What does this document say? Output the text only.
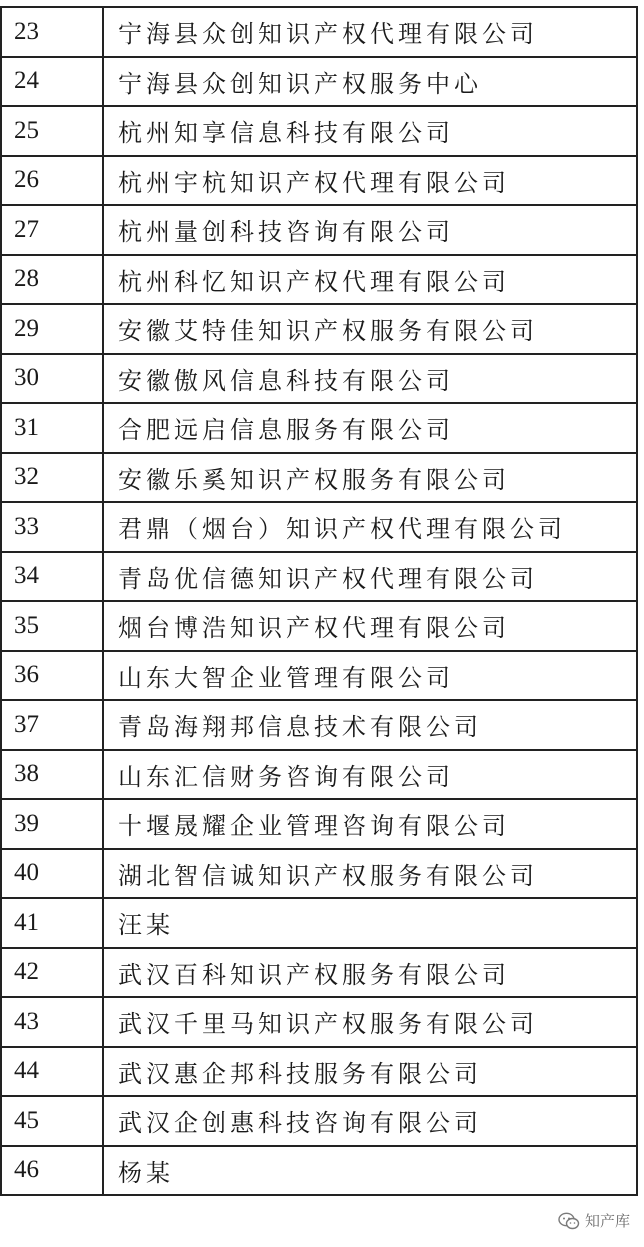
23	宁海县众创知识产权代理有限公司
24	宁海县众创知识产权服务中心
25	杭州知享信息科技有限公司
26	杭州宇杭知识产权代理有限公司
27	杭州量创科技咨询有限公司
28	杭州科忆知识产权代理有限公司
29	安徽艾特佳知识产权服务有限公司
30	安徽傲风信息科技有限公司
31	合肥远启信息服务有限公司
32	安徽乐奚知识产权服务有限公司
33	君鼎（烟台）知识产权代理有限公司
34	青岛优信德知识产权代理有限公司
35	烟台博浩知识产权代理有限公司
36	山东大智企业管理有限公司
37	青岛海翔邦信息技术有限公司
38	山东汇信财务咨询有限公司
39	十堰晟耀企业管理咨询有限公司
40	湖北智信诚知识产权服务有限公司
41	汪某
42	武汉百科知识产权服务有限公司
43	武汉千里马知识产权服务有限公司
44	武汉惠企邦科技服务有限公司
45	武汉企创惠科技咨询有限公司
46	杨某
知产库
